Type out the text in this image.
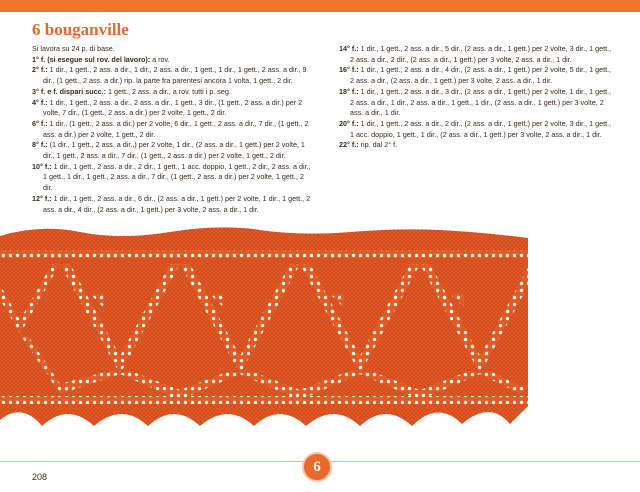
6 bouganville

Si lavora su 24 p. di base.

1° f. (si esegue sul rov. del lavoro): a rov.

2° f.: 1 dir., 1 gett., 2 ass. a dir., 1 dir., 2 ass. a dir., 1 gett., 1 dir., 1 gett., 2 ass. a dir., 9 dir., (1 gett., 2 ass. a dir.) rip. la parte fra parentesi ancora 1 volta, 1 gett., 2 dir.

3° f. e f. dispari succ.: 1 gett., 2 ass. a dir., a rov. tutti i p. seg.

4° f.: 1 dir., 1 gett., 2 ass. a dir., 2 ass. a dir., 1 gett., 3 dir., (1 gett., 2 ass. a dir.) per 2 volte, 7 dir., (1 gett., 2 ass. a dir.) per 2 volte, 1 gett., 2 dir.

6° f.: 1 dir., (1 gett., 2 ass. a dir.) per 2 volte, 6 dir., 1 gett., 2 ass. a dir., 7 dir., (1 gett., 2 ass. a dir.) per 2 volte, 1 gett., 2 dir.

8° f.: (1 dir., 1 gett., 2 ass. a dir.,) per 2 volte, 1 dir., (2 ass. a dir., 1 gett.) per 2 volte, 1 dir., 1 gett., 2 ass. a dir., 7 dir., (1 gett., 2 ass. a dir.) per 2 volte, 1 gett., 2 dir.

10° f.: 1 dir., 1 gett., 2 ass. a dir., 2 dir., 1 gett., 1 acc. doppio, 1 gett., 2 dir., 2 ass. a dir., 1 gett., 1 dir., 1 gett., 2 ass. a dir., 7 dir., (1 gett., 2 ass. a dir.) per 2 volte, 1 gett., 2 dir.

12° f.: 1 dir., 1 gett., 2 ass. a dir., 6 dir., (2 ass. a dir., 1 gett.) per 2 volte, 1 dir., 1 gett., 2 ass. a dir., 4 dir., (2 ass. a dir., 1 gett.) per 3 volte, 2 ass. a dir., 1 dir.

14° f.: 1 dir., 1 gett., 2 ass. a dir., 5 dir., (2 ass. a dir., 1 gett.) per 2 volte, 3 dir., 1 gett., 2 ass. a dir., 2 dir., (2 ass. a dir., 1 gett.) per 3 volte, 2 ass. a dir., 1 dir.

16° f.: 1 dir., 1 gett., 2 ass. a dir., 4 dir., (2 ass. a dir., 1 gett.) per 2 volte, 5 dir., 1 gett., 2 ass. a dir., (2 ass. a dir., 1 gett.) per 3 volte, 2 ass. a dir., 1 dir.

18° f.: 1 dir., 1 gett., 2 ass. a dir., 3 dir., (2 ass. a dir., 1 gett.) per 2 volte, 1 dir., 1 gett., 2 ass. a dir., 1 dir., 2 ass. a dir., 1 gett., 1 dir., (2 ass. a dir., 1 gett.) per 3 volte, 2 ass. a dir., 1 dir.

20° f.: 1 dir., 1 gett., 2 ass. a dir., 2 dir., (2 ass. a dir., 1 gett.) per 2 volte, 3 dir., 1 gett., 1 acc. doppio, 1 gett., 1 dir., (2 ass. a dir., 1 gett.) per 3 volte, 2 ass. a dir., 1 dir.

22° f.: rip. dal 2° f.

208
6
